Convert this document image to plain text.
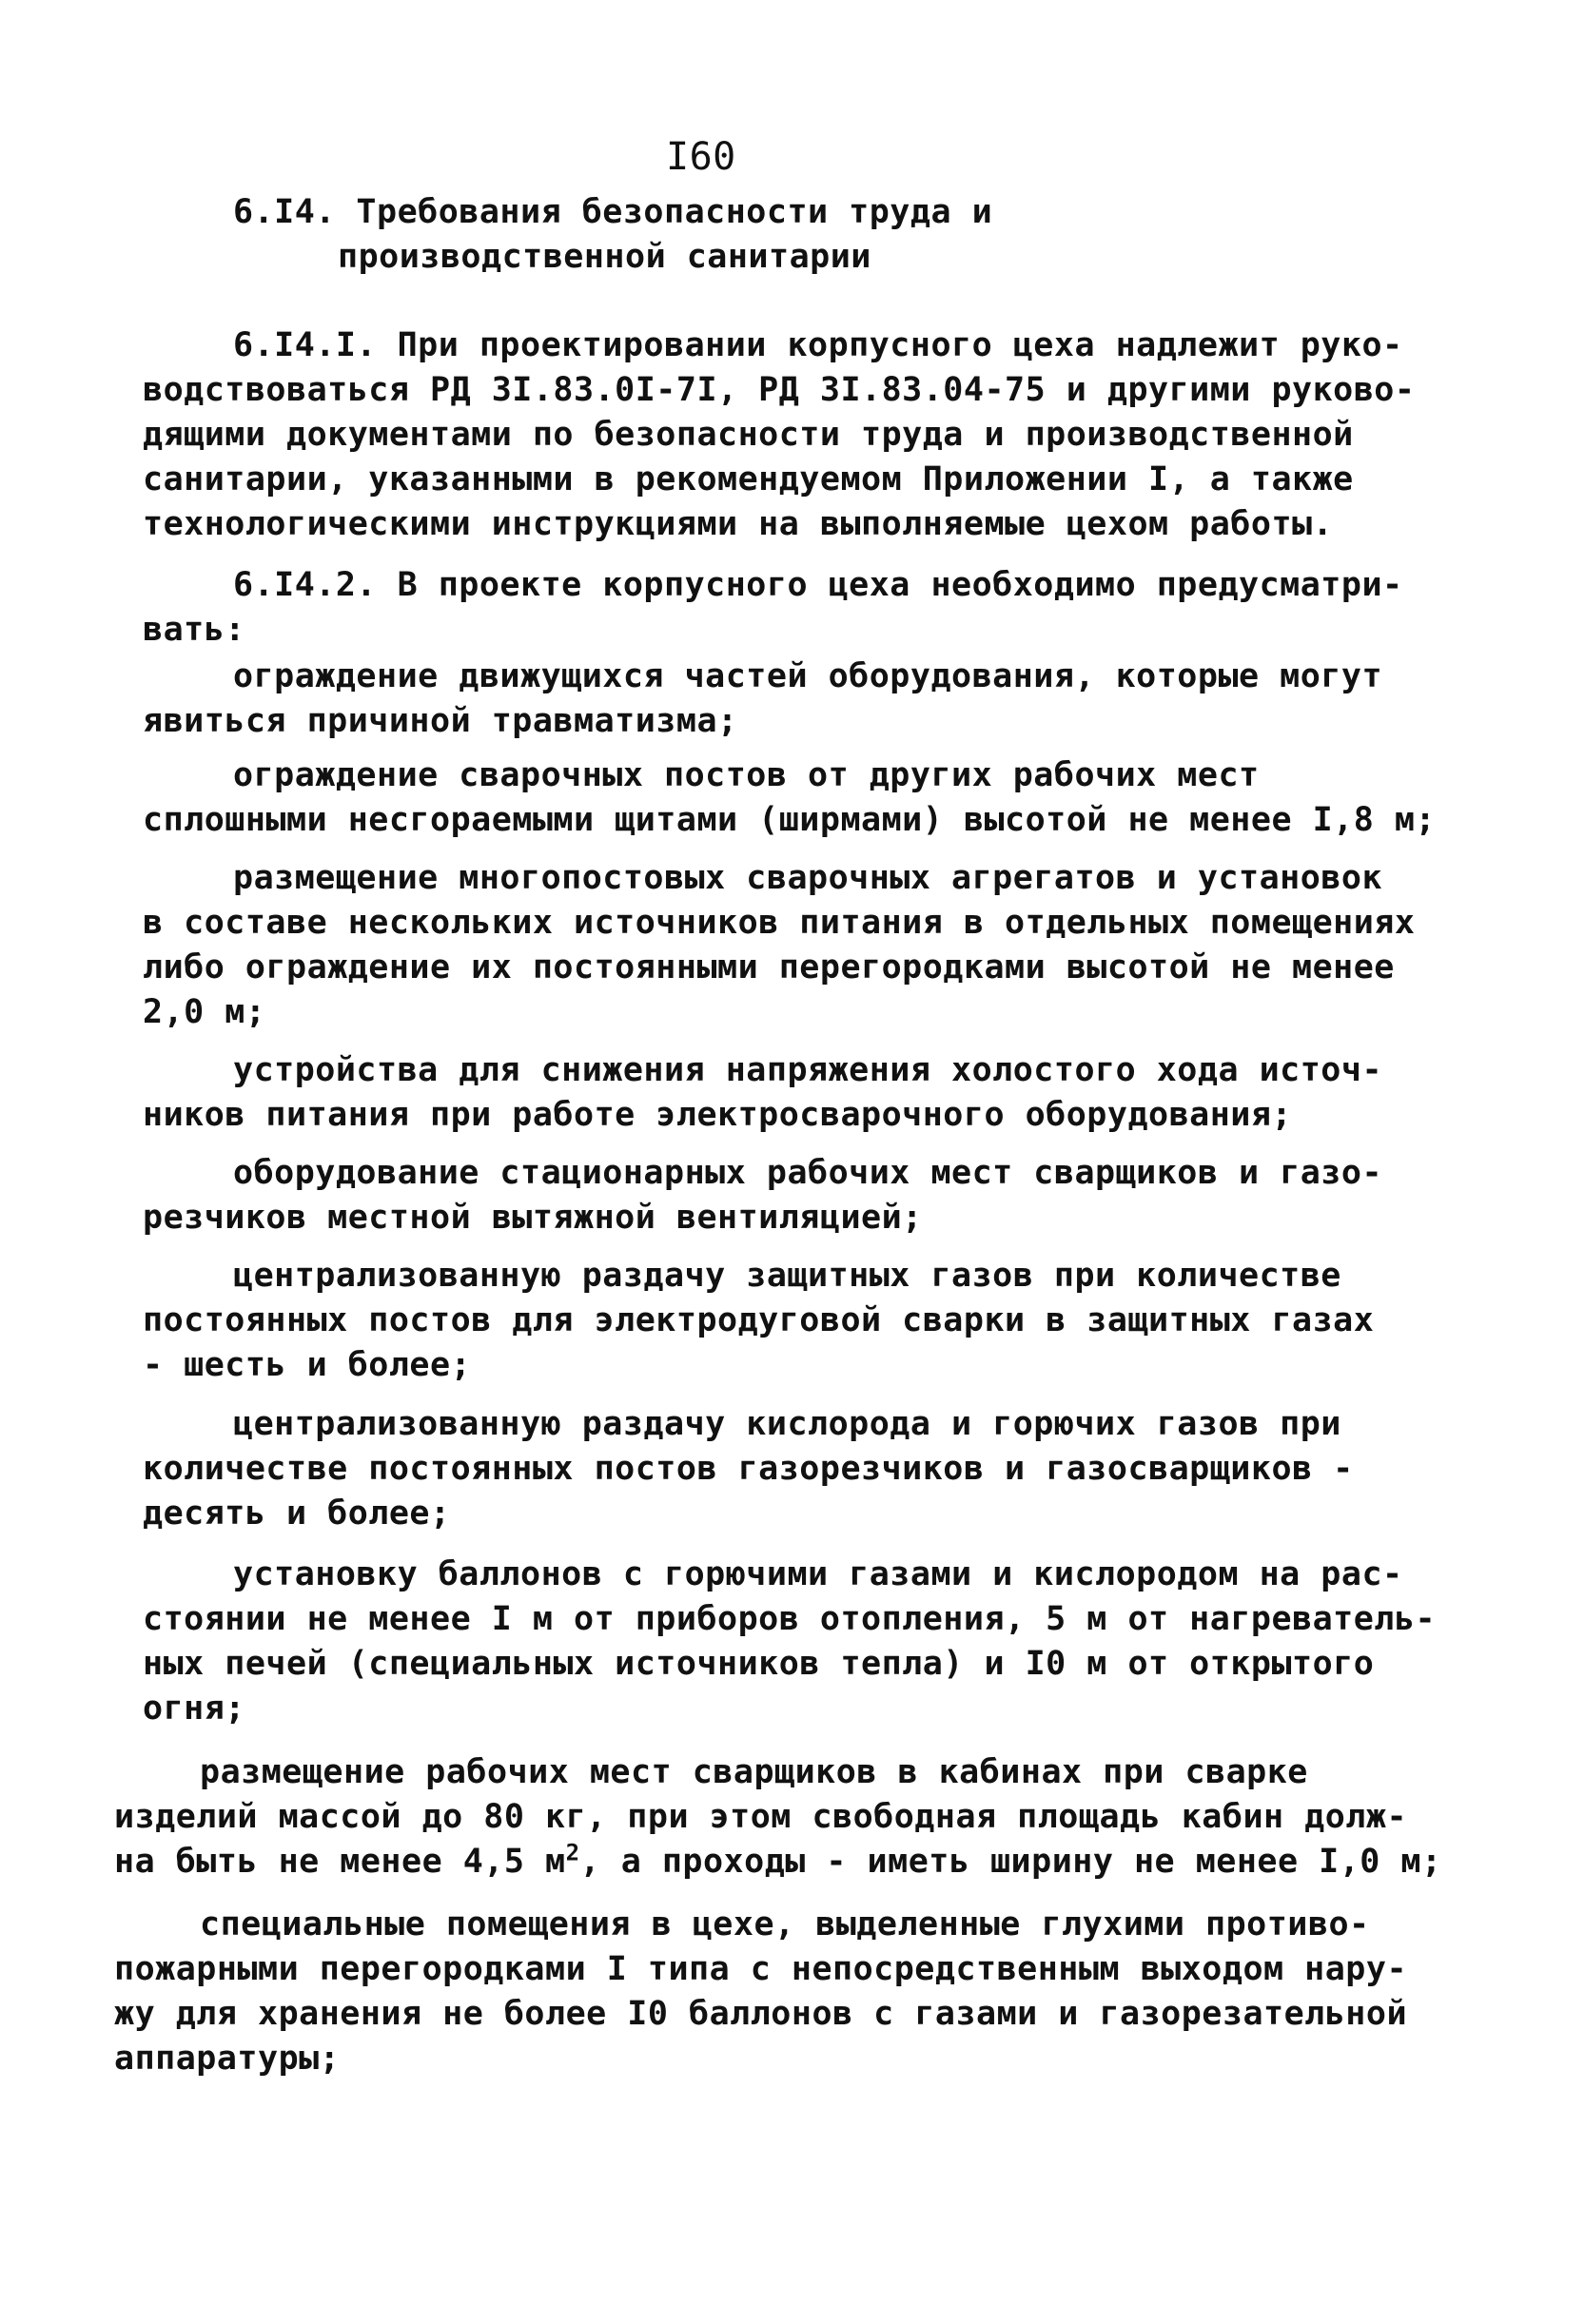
I60
6.I4. Требования безопасности труда и
производственной санитарии
6.I4.I. При проектировании корпусного цеха надлежит руко-
водствоваться РД 3I.83.0I-7I, РД 3I.83.04-75 и другими руково-
дящими документами по безопасности труда и производственной
санитарии, указанными в рекомендуемом Приложении I, а также
технологическими инструкциями на выполняемые цехом работы.
6.I4.2. В проекте корпусного цеха необходимо предусматри-
вать:
ограждение движущихся частей оборудования, которые могут
явиться причиной травматизма;
ограждение сварочных постов от других рабочих мест
сплошными несгораемыми щитами (ширмами) высотой не менее I,8 м;
размещение многопостовых сварочных агрегатов и установок
в составе нескольких источников питания в отдельных помещениях
либо ограждение их постоянными перегородками высотой не менее
2,0 м;
устройства для снижения напряжения холостого хода источ-
ников питания при работе электросварочного оборудования;
оборудование стационарных рабочих мест сварщиков и газо-
резчиков местной вытяжной вентиляцией;
централизованную раздачу защитных газов при количестве
постоянных постов для электродуговой сварки в защитных газах
- шесть и более;
централизованную раздачу кислорода и горючих газов при
количестве постоянных постов газорезчиков и газосварщиков -
десять и более;
установку баллонов с горючими газами и кислородом на рас-
стоянии не менее I м от приборов отопления, 5 м от нагреватель-
ных печей (специальных источников тепла) и I0 м от открытого
огня;
размещение рабочих мест сварщиков в кабинах при сварке
изделий массой до 80 кг, при этом свободная площадь кабин долж-
на быть не менее 4,5 $м^2$, а проходы - иметь ширину не менее I,0 м;
специальные помещения в цехе, выделенные глухими противо-
пожарными перегородками I типа с непосредственным выходом нару-
жу для хранения не более I0 баллонов с газами и газорезательной
аппаратуры;
